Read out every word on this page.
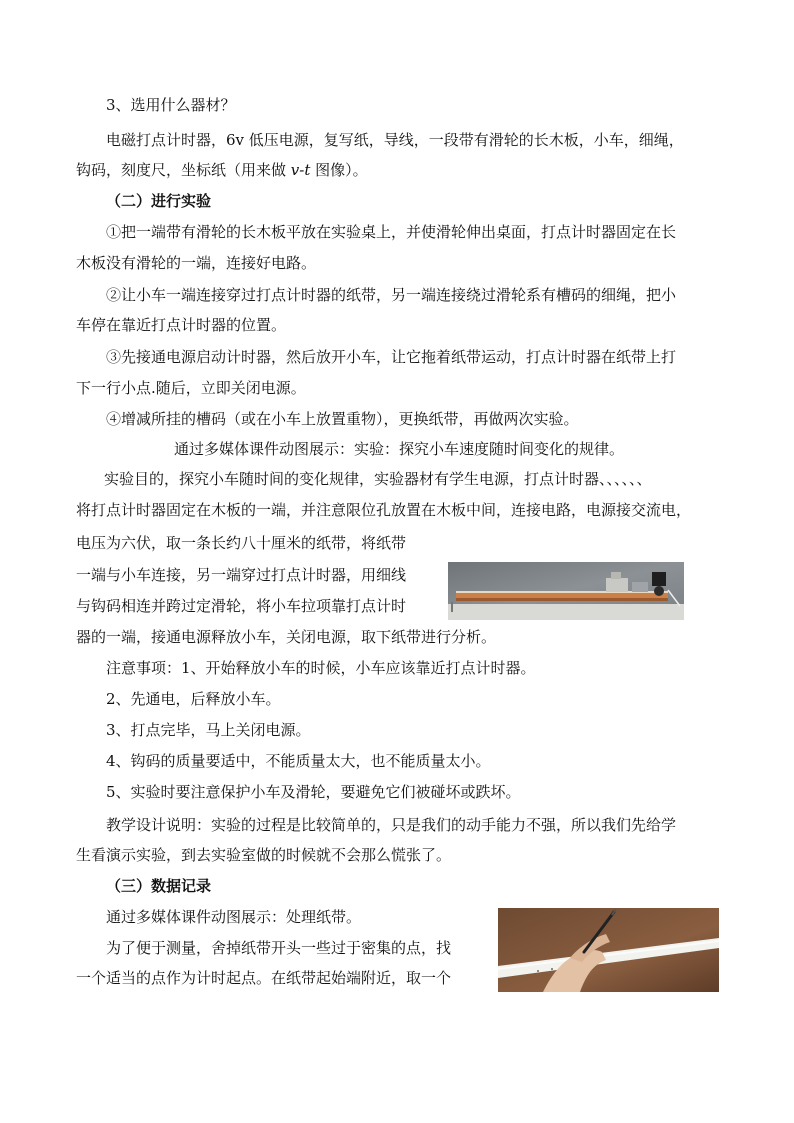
3、选用什么器材？
电磁打点计时器，6v 低压电源，复写纸，导线，一段带有滑轮的长木板，小车，细绳，
钩码，刻度尺，坐标纸（用来做 v-t 图像）。
（二）进行实验
①把一端带有滑轮的长木板平放在实验桌上，并使滑轮伸出桌面，打点计时器固定在长
木板没有滑轮的一端，连接好电路。
②让小车一端连接穿过打点计时器的纸带，另一端连接绕过滑轮系有槽码的细绳，把小
车停在靠近打点计时器的位置。
③先接通电源启动计时器，然后放开小车，让它拖着纸带运动，打点计时器在纸带上打
下一行小点.随后，立即关闭电源。
④增减所挂的槽码（或在小车上放置重物），更换纸带，再做两次实验。
通过多媒体课件动图展示：实验：探究小车速度随时间变化的规律。
实验目的，探究小车随时间的变化规律，实验器材有学生电源，打点计时器、、、、、、
将打点计时器固定在木板的一端，并注意限位孔放置在木板中间，连接电路，电源接交流电，
电压为六伏，取一条长约八十厘米的纸带，将纸带
一端与小车连接，另一端穿过打点计时器，用细线
与钩码相连并跨过定滑轮，将小车拉项靠打点计时
器的一端，接通电源释放小车，关闭电源，取下纸带进行分析。
注意事项：1、开始释放小车的时候，小车应该靠近打点计时器。
2、先通电，后释放小车。
3、打点完毕，马上关闭电源。
4、钩码的质量要适中，不能质量太大，也不能质量太小。
5、实验时要注意保护小车及滑轮，要避免它们被碰坏或跌坏。
教学设计说明：实验的过程是比较简单的，只是我们的动手能力不强，所以我们先给学
生看演示实验，到去实验室做的时候就不会那么慌张了。
（三）数据记录
通过多媒体课件动图展示：处理纸带。
为了便于测量，舍掉纸带开头一些过于密集的点，找
一个适当的点作为计时起点。在纸带起始端附近，取一个
